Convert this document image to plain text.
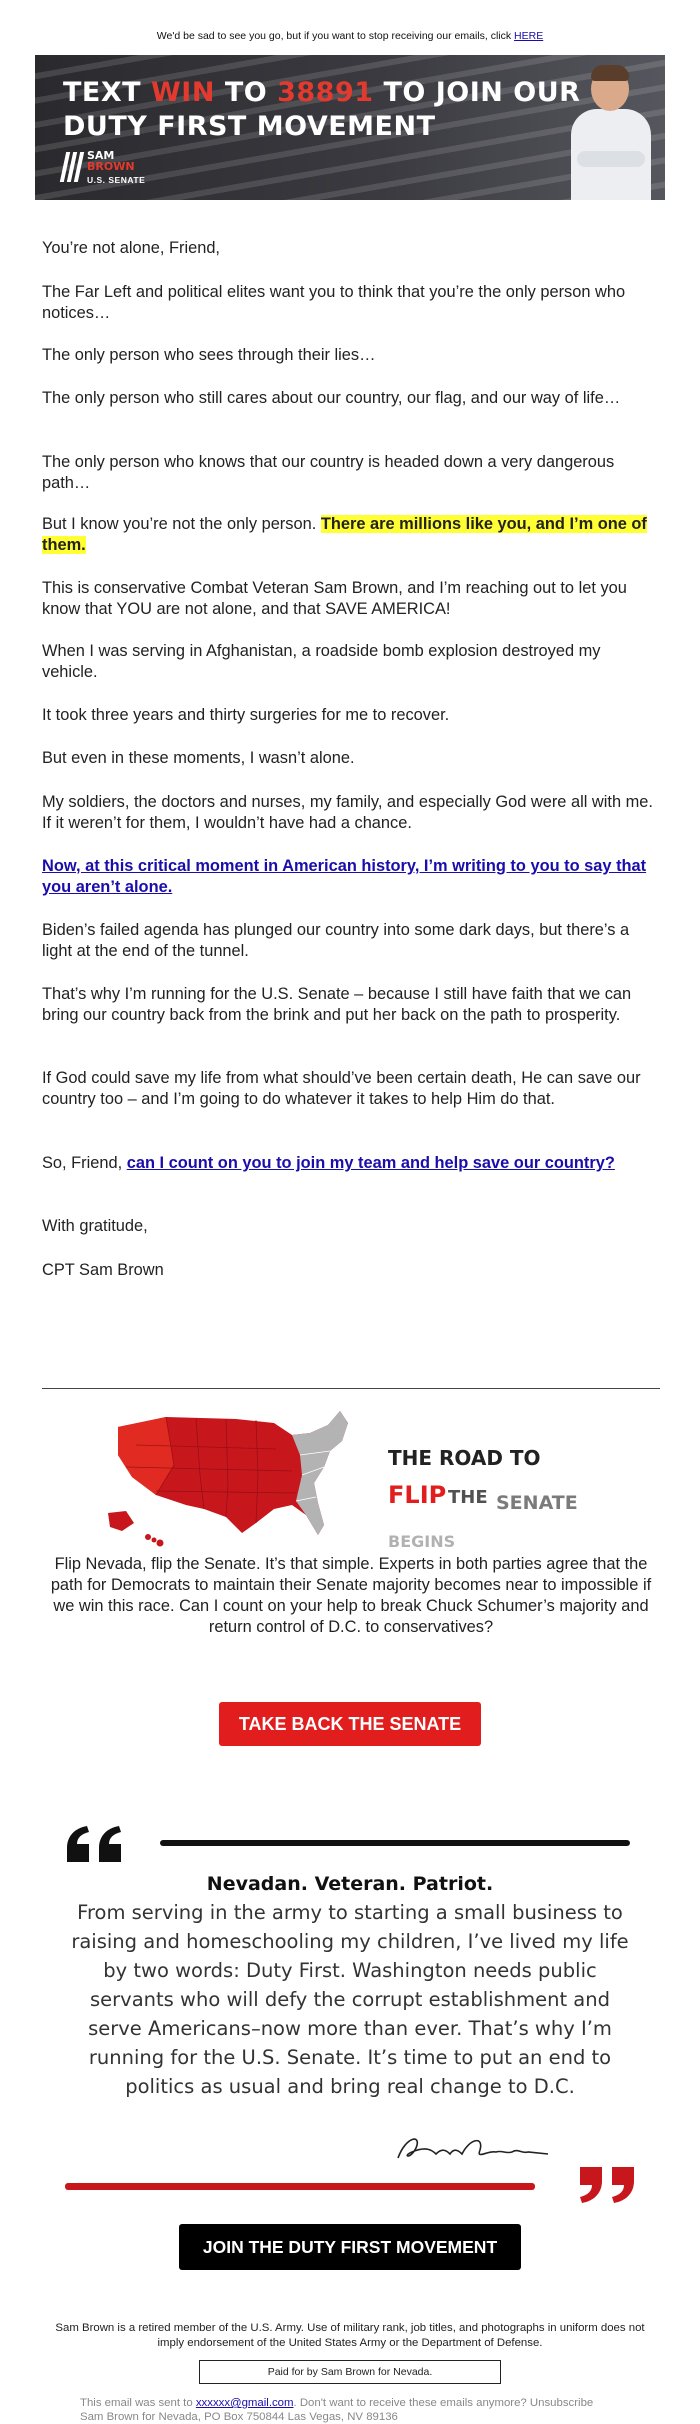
We'd be sad to see you go, but if you want to stop receiving our emails, click HERE
TEXT WIN TO 38891 TO JOIN OUR
DUTY FIRST MOVEMENT
SAM
BROWN
U.S. SENATE

You’re not alone, Friend,

The Far Left and political elites want you to think that you’re the only person who notices…

The only person who sees through their lies…

The only person who still cares about our country, our flag, and our way of life…

The only person who knows that our country is headed down a very dangerous path…

But I know you’re not the only person. There are millions like you, and I’m one of them.

This is conservative Combat Veteran Sam Brown, and I’m reaching out to let you know that YOU are not alone, and that SAVE AMERICA!

When I was serving in Afghanistan, a roadside bomb explosion destroyed my vehicle.

It took three years and thirty surgeries for me to recover.

But even in these moments, I wasn’t alone.

My soldiers, the doctors and nurses, my family, and especially God were all with me. If it weren’t for them, I wouldn’t have had a chance.

Now, at this critical moment in American history, I’m writing to you to say that you aren’t alone.

Biden’s failed agenda has plunged our country into some dark days, but there’s a light at the end of the tunnel.

That’s why I’m running for the U.S. Senate – because I still have faith that we can bring our country back from the brink and put her back on the path to prosperity.

If God could save my life from what should’ve been certain death, He can save our country too – and I’m going to do whatever it takes to help Him do that.

So, Friend, can I count on you to join my team and help save our country?

With gratitude,

CPT Sam Brown

THE ROAD TO
FLIP THE SENATE
BEGINS
Flip Nevada, flip the Senate. It’s that simple. Experts in both parties agree that the path for Democrats to maintain their Senate majority becomes near to impossible if we win this race. Can I count on your help to break Chuck Schumer’s majority and return control of D.C. to conservatives?
TAKE BACK THE SENATE
Nevadan. Veteran. Patriot.
From serving in the army to starting a small business to raising and homeschooling my children, I’ve lived my life by two words: Duty First. Washington needs public servants who will defy the corrupt establishment and serve Americans–now more than ever. That’s why I’m running for the U.S. Senate. It’s time to put an end to politics as usual and bring real change to D.C.
JOIN THE DUTY FIRST MOVEMENT
Sam Brown is a retired member of the U.S. Army. Use of military rank, job titles, and photographs in uniform does not imply endorsement of the United States Army or the Department of Defense.
Paid for by Sam Brown for Nevada.
This email was sent to xxxxxx@gmail.com. Don't want to receive these emails anymore? Unsubscribe
Sam Brown for Nevada, PO Box 750844 Las Vegas, NV 89136
